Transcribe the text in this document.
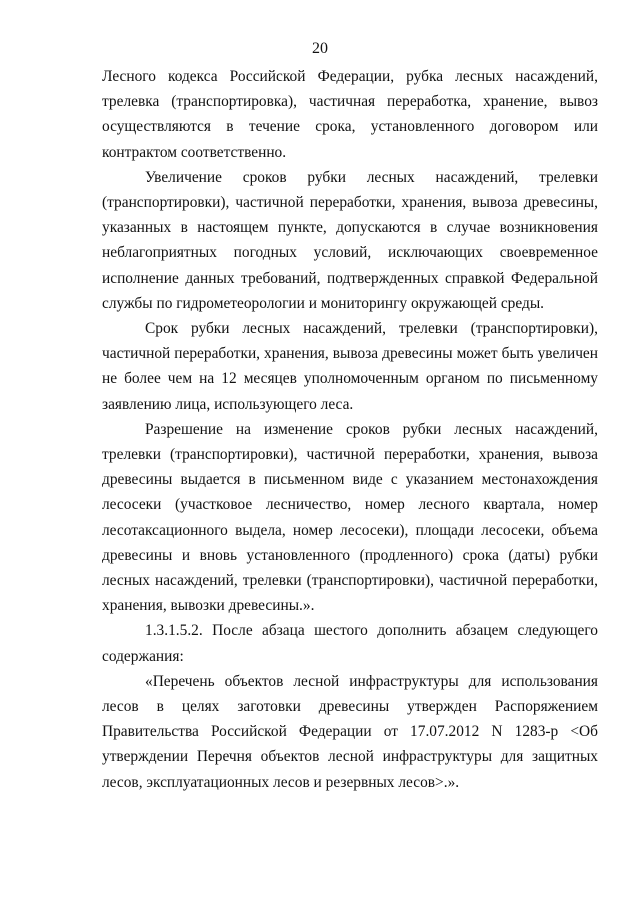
20

Лесного кодекса Российской Федерации, рубка лесных насаждений, трелевка (транспортировка), частичная переработка, хранение, вывоз осуществляются в течение срока, установленного договором или контрактом соответственно.

Увеличение сроков рубки лесных насаждений, трелевки (транспортировки), частичной переработки, хранения, вывоза древесины, указанных в настоящем пункте, допускаются в случае возникновения неблагоприятных погодных условий, исключающих своевременное исполнение данных требований, подтвержденных справкой Федеральной службы по гидрометеорологии и мониторингу окружающей среды.

Срок рубки лесных насаждений, трелевки (транспортировки), частичной переработки, хранения, вывоза древесины может быть увеличен не более чем на 12 месяцев уполномоченным органом по письменному заявлению лица, использующего леса.

Разрешение на изменение сроков рубки лесных насаждений, трелевки (транспортировки), частичной переработки, хранения, вывоза древесины выдается в письменном виде с указанием местонахождения лесосеки (участковое лесничество, номер лесного квартала, номер лесотаксационного выдела, номер лесосеки), площади лесосеки, объема древесины и вновь установленного (продленного) срока (даты) рубки лесных насаждений, трелевки (транспортировки), частичной переработки, хранения, вывозки древесины.».

1.3.1.5.2. После абзаца шестого дополнить абзацем следующего содержания:

«Перечень объектов лесной инфраструктуры для использования лесов в целях заготовки древесины утвержден Распоряжением Правительства Российской Федерации от 17.07.2012 N 1283-р <Об утверждении Перечня объектов лесной инфраструктуры для защитных лесов, эксплуатационных лесов и резервных лесов>.».
